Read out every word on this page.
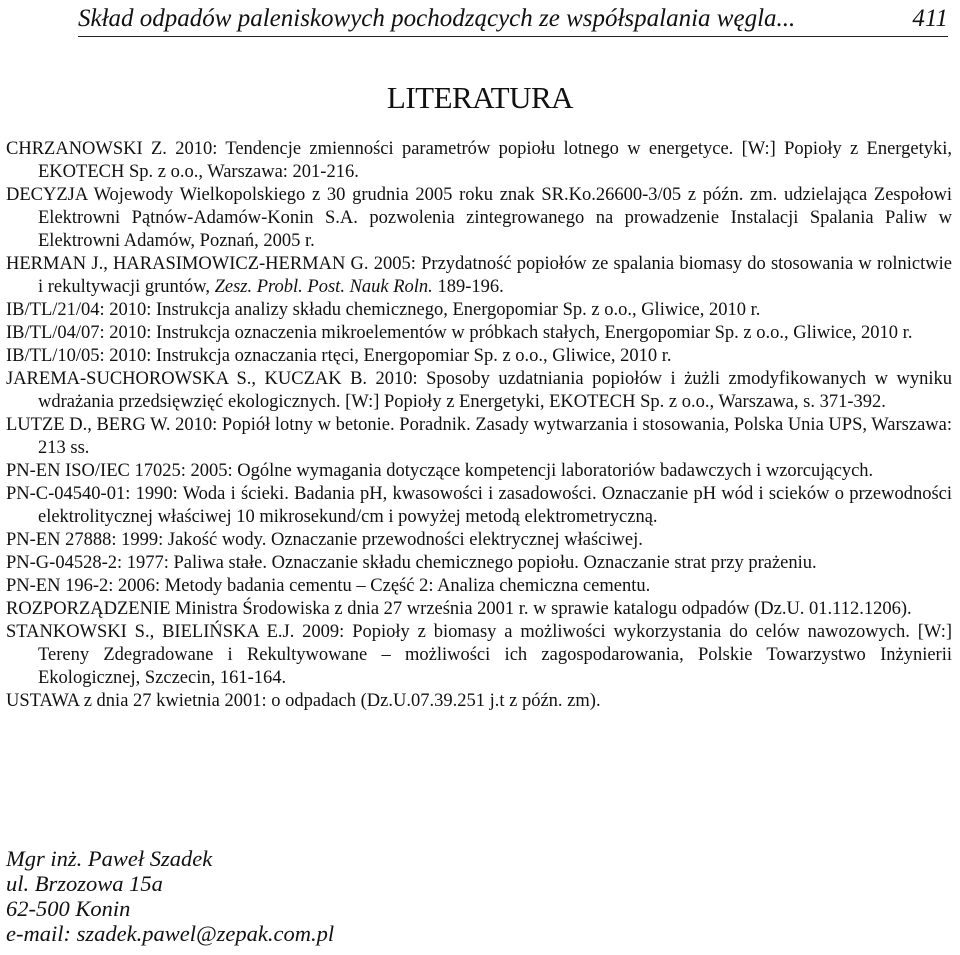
Skład odpadów paleniskowych pochodzących ze współspalania węgla...	411
LITERATURA

CHRZANOWSKI Z. 2010: Tendencje zmienności parametrów popiołu lotnego w energetyce. [W:] Popioły z Energetyki, EKOTECH Sp. z o.o., Warszawa: 201-216.

DECYZJA Wojewody Wielkopolskiego z 30 grudnia 2005 roku znak SR.Ko.26600-3/05 z późn. zm. udzielająca Zespołowi Elektrowni Pątnów-Adamów-Konin S.A. pozwolenia zintegrowanego na prowadzenie Instalacji Spalania Paliw w Elektrowni Adamów, Poznań, 2005 r.

HERMAN J., HARASIMOWICZ-HERMAN G. 2005: Przydatność popiołów ze spalania biomasy do stosowania w rolnictwie i rekultywacji gruntów, Zesz. Probl. Post. Nauk Roln. 189-196.

IB/TL/21/04: 2010: Instrukcja analizy składu chemicznego, Energopomiar Sp. z o.o., Gliwice, 2010 r.

IB/TL/04/07: 2010: Instrukcja oznaczenia mikroelementów w próbkach stałych, Energopomiar Sp. z o.o., Gliwice, 2010 r.

IB/TL/10/05: 2010: Instrukcja oznaczania rtęci, Energopomiar Sp. z o.o., Gliwice, 2010 r.

JAREMA-SUCHOROWSKA S., KUCZAK B. 2010: Sposoby uzdatniania popiołów i żużli zmodyfikowanych w wyniku wdrażania przedsięwzięć ekologicznych. [W:] Popioły z Energetyki, EKOTECH Sp. z o.o., Warszawa, s. 371-392.

LUTZE D., BERG W. 2010: Popiół lotny w betonie. Poradnik. Zasady wytwarzania i stosowania, Polska Unia UPS, Warszawa: 213 ss.

PN-EN ISO/IEC 17025: 2005: Ogólne wymagania dotyczące kompetencji laboratoriów badawczych i wzorcujących.

PN-C-04540-01: 1990: Woda i ścieki. Badania pH, kwasowości i zasadowości. Oznaczanie pH wód i scieków o przewodności elektrolitycznej właściwej 10 mikrosekund/cm i powyżej metodą elektrometryczną.

PN-EN 27888: 1999: Jakość wody. Oznaczanie przewodności elektrycznej właściwej.

PN-G-04528-2: 1977: Paliwa stałe. Oznaczanie składu chemicznego popiołu. Oznaczanie strat przy prażeniu.

PN-EN 196-2: 2006: Metody badania cementu – Część 2: Analiza chemiczna cementu.

ROZPORZĄDZENIE Ministra Środowiska z dnia 27 września 2001 r. w sprawie katalogu odpadów (Dz.U. 01.112.1206).

STANKOWSKI S., BIELIŃSKA E.J. 2009: Popioły z biomasy a możliwości wykorzystania do celów nawozowych. [W:] Tereny Zdegradowane i Rekultywowane – możliwości ich zagospodarowania, Polskie Towarzystwo Inżynierii Ekologicznej, Szczecin, 161-164.

USTAWA z dnia 27 kwietnia 2001: o odpadach (Dz.U.07.39.251 j.t z późn. zm).

Mgr inż. Paweł Szadek
ul. Brzozowa 15a
62-500 Konin
e-mail: szadek.pawel@zepak.com.pl
